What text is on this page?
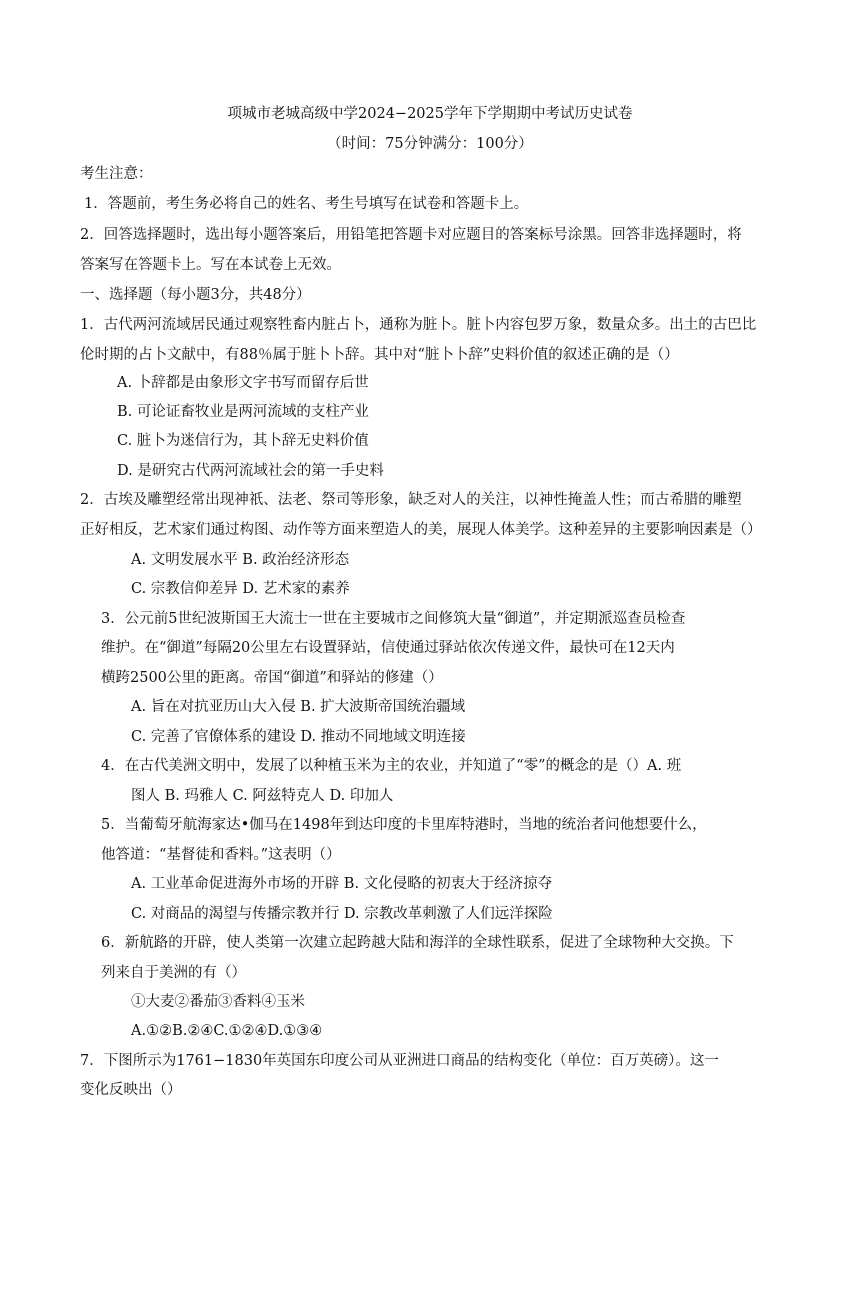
项城市老城高级中学2024−2025学年下学期期中考试历史试卷
（时间：75分钟满分：100分）
考生注意：
1．答题前，考生务必将自己的姓名、考生号填写在试卷和答题卡上。
2．回答选择题时，选出每小题答案后，用铅笔把答题卡对应题目的答案标号涂黑。回答非选择题时，将
答案写在答题卡上。写在本试卷上无效。
一、选择题（每小题3分，共48分）
1．古代两河流域居民通过观察牲畜内脏占卜，通称为脏卜。脏卜内容包罗万象，数量众多。出土的古巴比
伦时期的占卜文献中，有88％属于脏卜卜辞。其中对“脏卜卜辞”史料价值的叙述正确的是（）
A. 卜辞都是由象形文字书写而留存后世
B. 可论证畜牧业是两河流域的支柱产业
C. 脏卜为迷信行为，其卜辞无史料价值
D. 是研究古代两河流域社会的第一手史料
2．古埃及雕塑经常出现神祇、法老、祭司等形象，缺乏对人的关注，以神性掩盖人性；而古希腊的雕塑
正好相反，艺术家们通过构图、动作等方面来塑造人的美，展现人体美学。这种差异的主要影响因素是（）
A. 文明发展水平 B. 政治经济形态
C. 宗教信仰差异 D. 艺术家的素养
3．公元前5世纪波斯国王大流士一世在主要城市之间修筑大量“御道”，并定期派巡查员检查
维护。在“御道”每隔20公里左右设置驿站，信使通过驿站依次传递文件，最快可在12天内
横跨2500公里的距离。帝国“御道”和驿站的修建（）
A. 旨在对抗亚历山大入侵 B. 扩大波斯帝国统治疆域
C. 完善了官僚体系的建设 D. 推动不同地域文明连接
4．在古代美洲文明中，发展了以种植玉米为主的农业，并知道了“零”的概念的是（）A. 班
图人 B. 玛雅人 C. 阿兹特克人 D. 印加人
5．当葡萄牙航海家达•伽马在1498年到达印度的卡里库特港时，当地的统治者问他想要什么，
他答道：“基督徒和香料。”这表明（）
A. 工业革命促进海外市场的开辟 B. 文化侵略的初衷大于经济掠夺
C. 对商品的渴望与传播宗教并行 D. 宗教改革刺激了人们远洋探险
6．新航路的开辟，使人类第一次建立起跨越大陆和海洋的全球性联系，促进了全球物种大交换。下
列来自于美洲的有（）
①大麦②番茄③香料④玉米
A.①②B.②④C.①②④D.①③④
7．下图所示为1761−1830年英国东印度公司从亚洲进口商品的结构变化（单位：百万英磅）。这一
变化反映出（）
